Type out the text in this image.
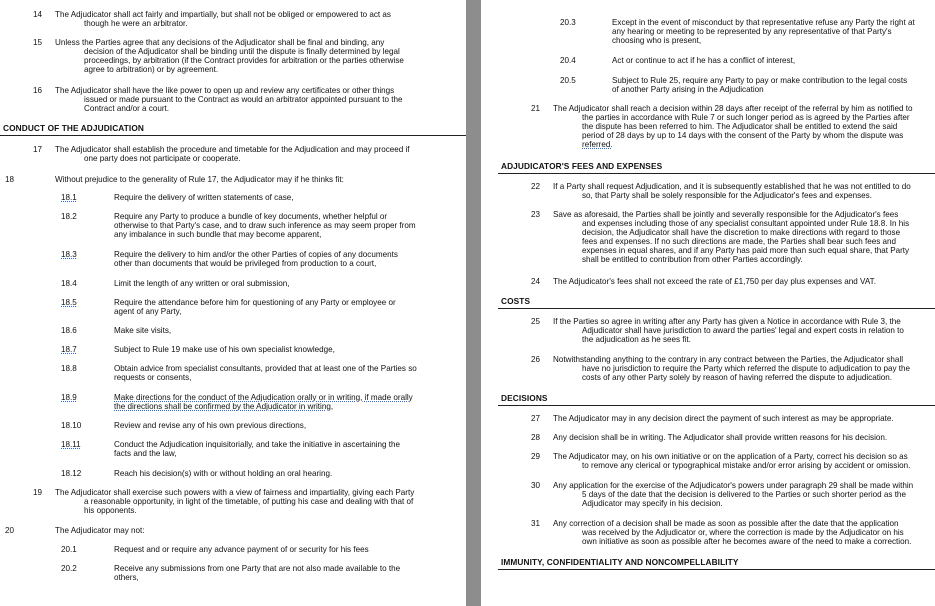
14 The Adjudicator shall act fairly and impartially, but shall not be obliged or empowered to act as
though he were an arbitrator.
15 Unless the Parties agree that any decisions of the Adjudicator shall be final and binding, any
decision of the Adjudicator shall be binding until the dispute is finally determined by legal
proceedings, by arbitration (if the Contract provides for arbitration or the parties otherwise
agree to arbitration) or by agreement.
16 The Adjudicator shall have the like power to open up and review any certificates or other things
issued or made pursuant to the Contract as would an arbitrator appointed pursuant to the
Contract and/or a court.
CONDUCT OF THE ADJUDICATION
17 The Adjudicator shall establish the procedure and timetable for the Adjudication and may proceed if
one party does not participate or cooperate.
18	Without prejudice to the generality of Rule 17, the Adjudicator may if he thinks fit:
18.1	Require the delivery of written statements of case,
18.2	Require any Party to produce a bundle of key documents, whether helpful or
otherwise to that Party's case, and to draw such inference as may seem proper from
any imbalance in such bundle that may become apparent,
18.3	Require the delivery to him and/or the other Parties of copies of any documents
other than documents that would be privileged from production to a court,
18.4	Limit the length of any written or oral submission,
18.5	Require the attendance before him for questioning of any Party or employee or
agent of any Party,
18.6	Make site visits,
18.7	Subject to Rule 19 make use of his own specialist knowledge,
18.8	Obtain advice from specialist consultants, provided that at least one of the Parties so
requests or consents,
18.9	Make directions for the conduct of the Adjudication orally or in writing, if made orally
the directions shall be confirmed by the Adjudicator in writing,
18.10	Review and revise any of his own previous directions,
18.11	Conduct the Adjudication inquisitorially, and take the initiative in ascertaining the
facts and the law,
18.12	Reach his decision(s) with or without holding an oral hearing.
19 The Adjudicator shall exercise such powers with a view of fairness and impartiality, giving each Party
a reasonable opportunity, in light of the timetable, of putting his case and dealing with that of
his opponents.
20	The Adjudicator may not:
20.1	Request and or require any advance payment of or security for his fees
20.2	Receive any submissions from one Party that are not also made available to the
others,
20.3	Except in the event of misconduct by that representative refuse any Party the right at
any hearing or meeting to be represented by any representative of that Party's
choosing who is present,
20.4	Act or continue to act if he has a conflict of interest,
20.5	Subject to Rule 25, require any Party to pay or make contribution to the legal costs
of another Party arising in the Adjudication
21 The Adjudicator shall reach a decision within 28 days after receipt of the referral by him as notified to
the parties in accordance with Rule 7 or such longer period as is agreed by the Parties after
the dispute has been referred to him. The Adjudicator shall be entitled to extend the said
period of 28 days by up to 14 days with the consent of the Party by whom the dispute was
referred.
ADJUDICATOR'S FEES AND EXPENSES
22 If a Party shall request Adjudication, and it is subsequently established that he was not entitled to do
so, that Party shall be solely responsible for the Adjudicator's fees and expenses.
23 Save as aforesaid, the Parties shall be jointly and severally responsible for the Adjudicator's fees
and expenses including those of any specialist consultant appointed under Rule 18.8. In his
decision, the Adjudicator shall have the discretion to make directions with regard to those
fees and expenses. If no such directions are made, the Parties shall bear such fees and
expenses in equal shares, and if any Party has paid more than such equal share, that Party
shall be entitled to contribution from other Parties accordingly.
24 The Adjudicator's fees shall not exceed the rate of £1,750 per day plus expenses and VAT.
COSTS
25 If the Parties so agree in writing after any Party has given a Notice in accordance with Rule 3, the
Adjudicator shall have jurisdiction to award the parties' legal and expert costs in relation to
the adjudication as he sees fit.
26 Notwithstanding anything to the contrary in any contract between the Parties, the Adjudicator shall
have no jurisdiction to require the Party which referred the dispute to adjudication to pay the
costs of any other Party solely by reason of having referred the dispute to adjudication.
DECISIONS
27 The Adjudicator may in any decision direct the payment of such interest as may be appropriate.
28 Any decision shall be in writing. The Adjudicator shall provide written reasons for his decision.
29 The Adjudicator may, on his own initiative or on the application of a Party, correct his decision so as
to remove any clerical or typographical mistake and/or error arising by accident or omission.
30 Any application for the exercise of the Adjudicator's powers under paragraph 29 shall be made within
5 days of the date that the decision is delivered to the Parties or such shorter period as the
Adjudicator may specify in his decision.
31 Any correction of a decision shall be made as soon as possible after the date that the application
was received by the Adjudicator or, where the correction is made by the Adjudicator on his
own initiative as soon as possible after he becomes aware of the need to make a correction.
IMMUNITY, CONFIDENTIALITY AND NONCOMPELLABILITY
